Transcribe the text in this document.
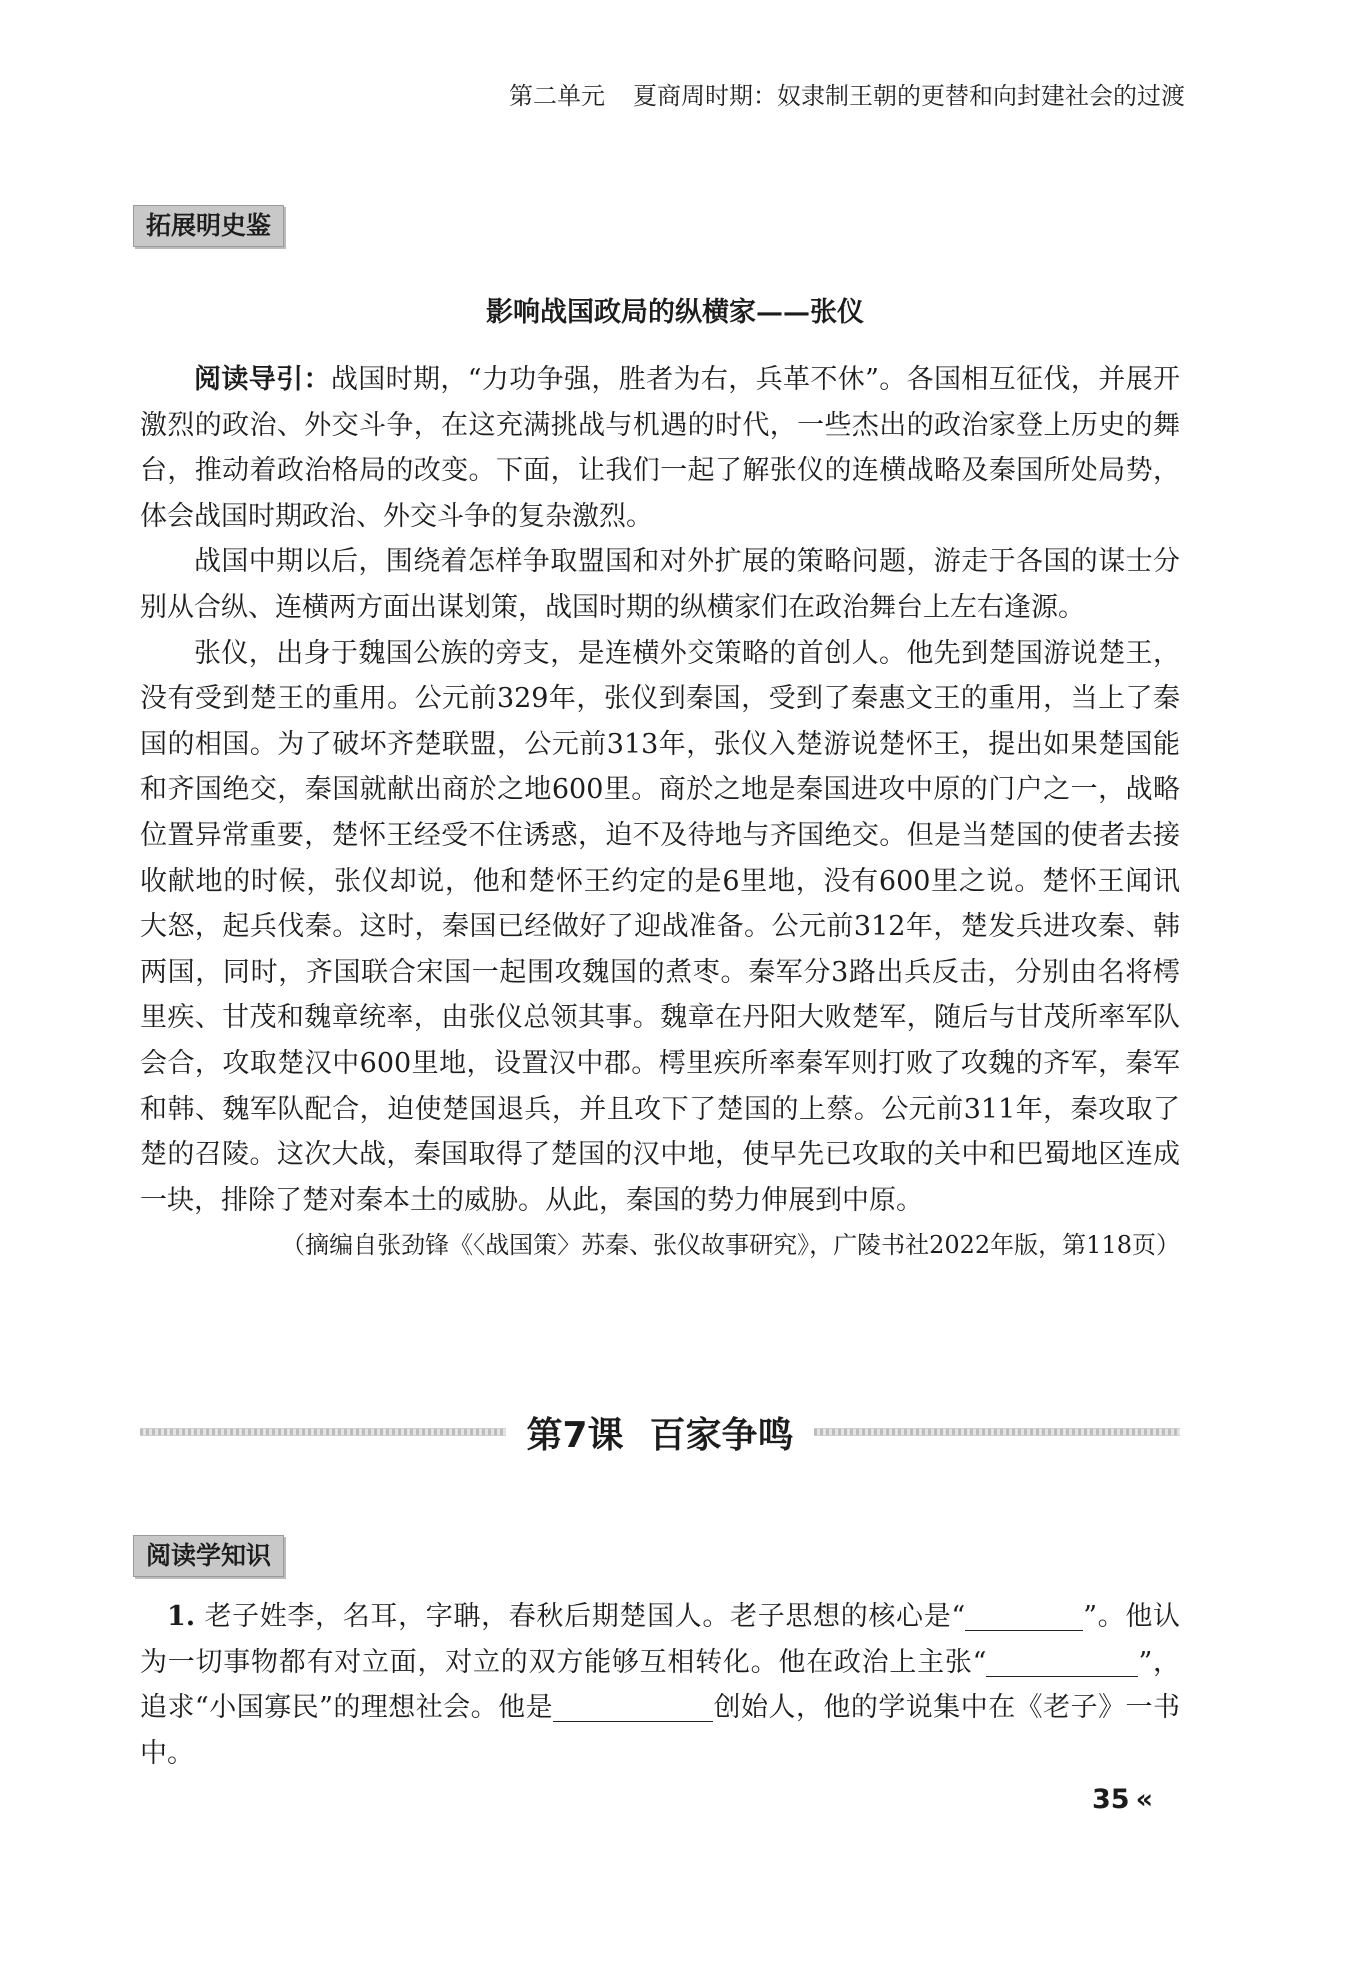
第二单元 夏商周时期：奴隶制王朝的更替和向封建社会的过渡
拓展明史鉴
影响战国政局的纵横家——张仪

阅读导引：战国时期，“力功争强，胜者为右，兵革不休”。各国相互征伐，并展开激烈的政治、外交斗争，在这充满挑战与机遇的时代，一些杰出的政治家登上历史的舞台，推动着政治格局的改变。下面，让我们一起了解张仪的连横战略及秦国所处局势，体会战国时期政治、外交斗争的复杂激烈。

战国中期以后，围绕着怎样争取盟国和对外扩展的策略问题，游走于各国的谋士分别从合纵、连横两方面出谋划策，战国时期的纵横家们在政治舞台上左右逢源。

张仪，出身于魏国公族的旁支，是连横外交策略的首创人。他先到楚国游说楚王，没有受到楚王的重用。公元前329年，张仪到秦国，受到了秦惠文王的重用，当上了秦国的相国。为了破坏齐楚联盟，公元前313年，张仪入楚游说楚怀王，提出如果楚国能和齐国绝交，秦国就献出商於之地600里。商於之地是秦国进攻中原的门户之一，战略位置异常重要，楚怀王经受不住诱惑，迫不及待地与齐国绝交。但是当楚国的使者去接收献地的时候，张仪却说，他和楚怀王约定的是6里地，没有600里之说。楚怀王闻讯大怒，起兵伐秦。这时，秦国已经做好了迎战准备。公元前312年，楚发兵进攻秦、韩两国，同时，齐国联合宋国一起围攻魏国的煮枣。秦军分3路出兵反击，分别由名将樗里疾、甘茂和魏章统率，由张仪总领其事。魏章在丹阳大败楚军，随后与甘茂所率军队会合，攻取楚汉中600里地，设置汉中郡。樗里疾所率秦军则打败了攻魏的齐军，秦军和韩、魏军队配合，迫使楚国退兵，并且攻下了楚国的上蔡。公元前311年，秦攻取了楚的召陵。这次大战，秦国取得了楚国的汉中地，使早先已攻取的关中和巴蜀地区连成一块，排除了楚对秦本土的威胁。从此，秦国的势力伸展到中原。

（摘编自张劲锋《〈战国策〉苏秦、张仪故事研究》，广陵书社2022年版，第118页）
第7课 百家争鸣
阅读学知识

1. 老子姓李，名耳，字聃，春秋后期楚国人。老子思想的核心是“	”。他认为一切事物都有对立面，对立的双方能够互相转化。他在政治上主张“	”，追求“小国寡民”的理想社会。他是	创始人，他的学说集中在《老子》一书中。

35 «
